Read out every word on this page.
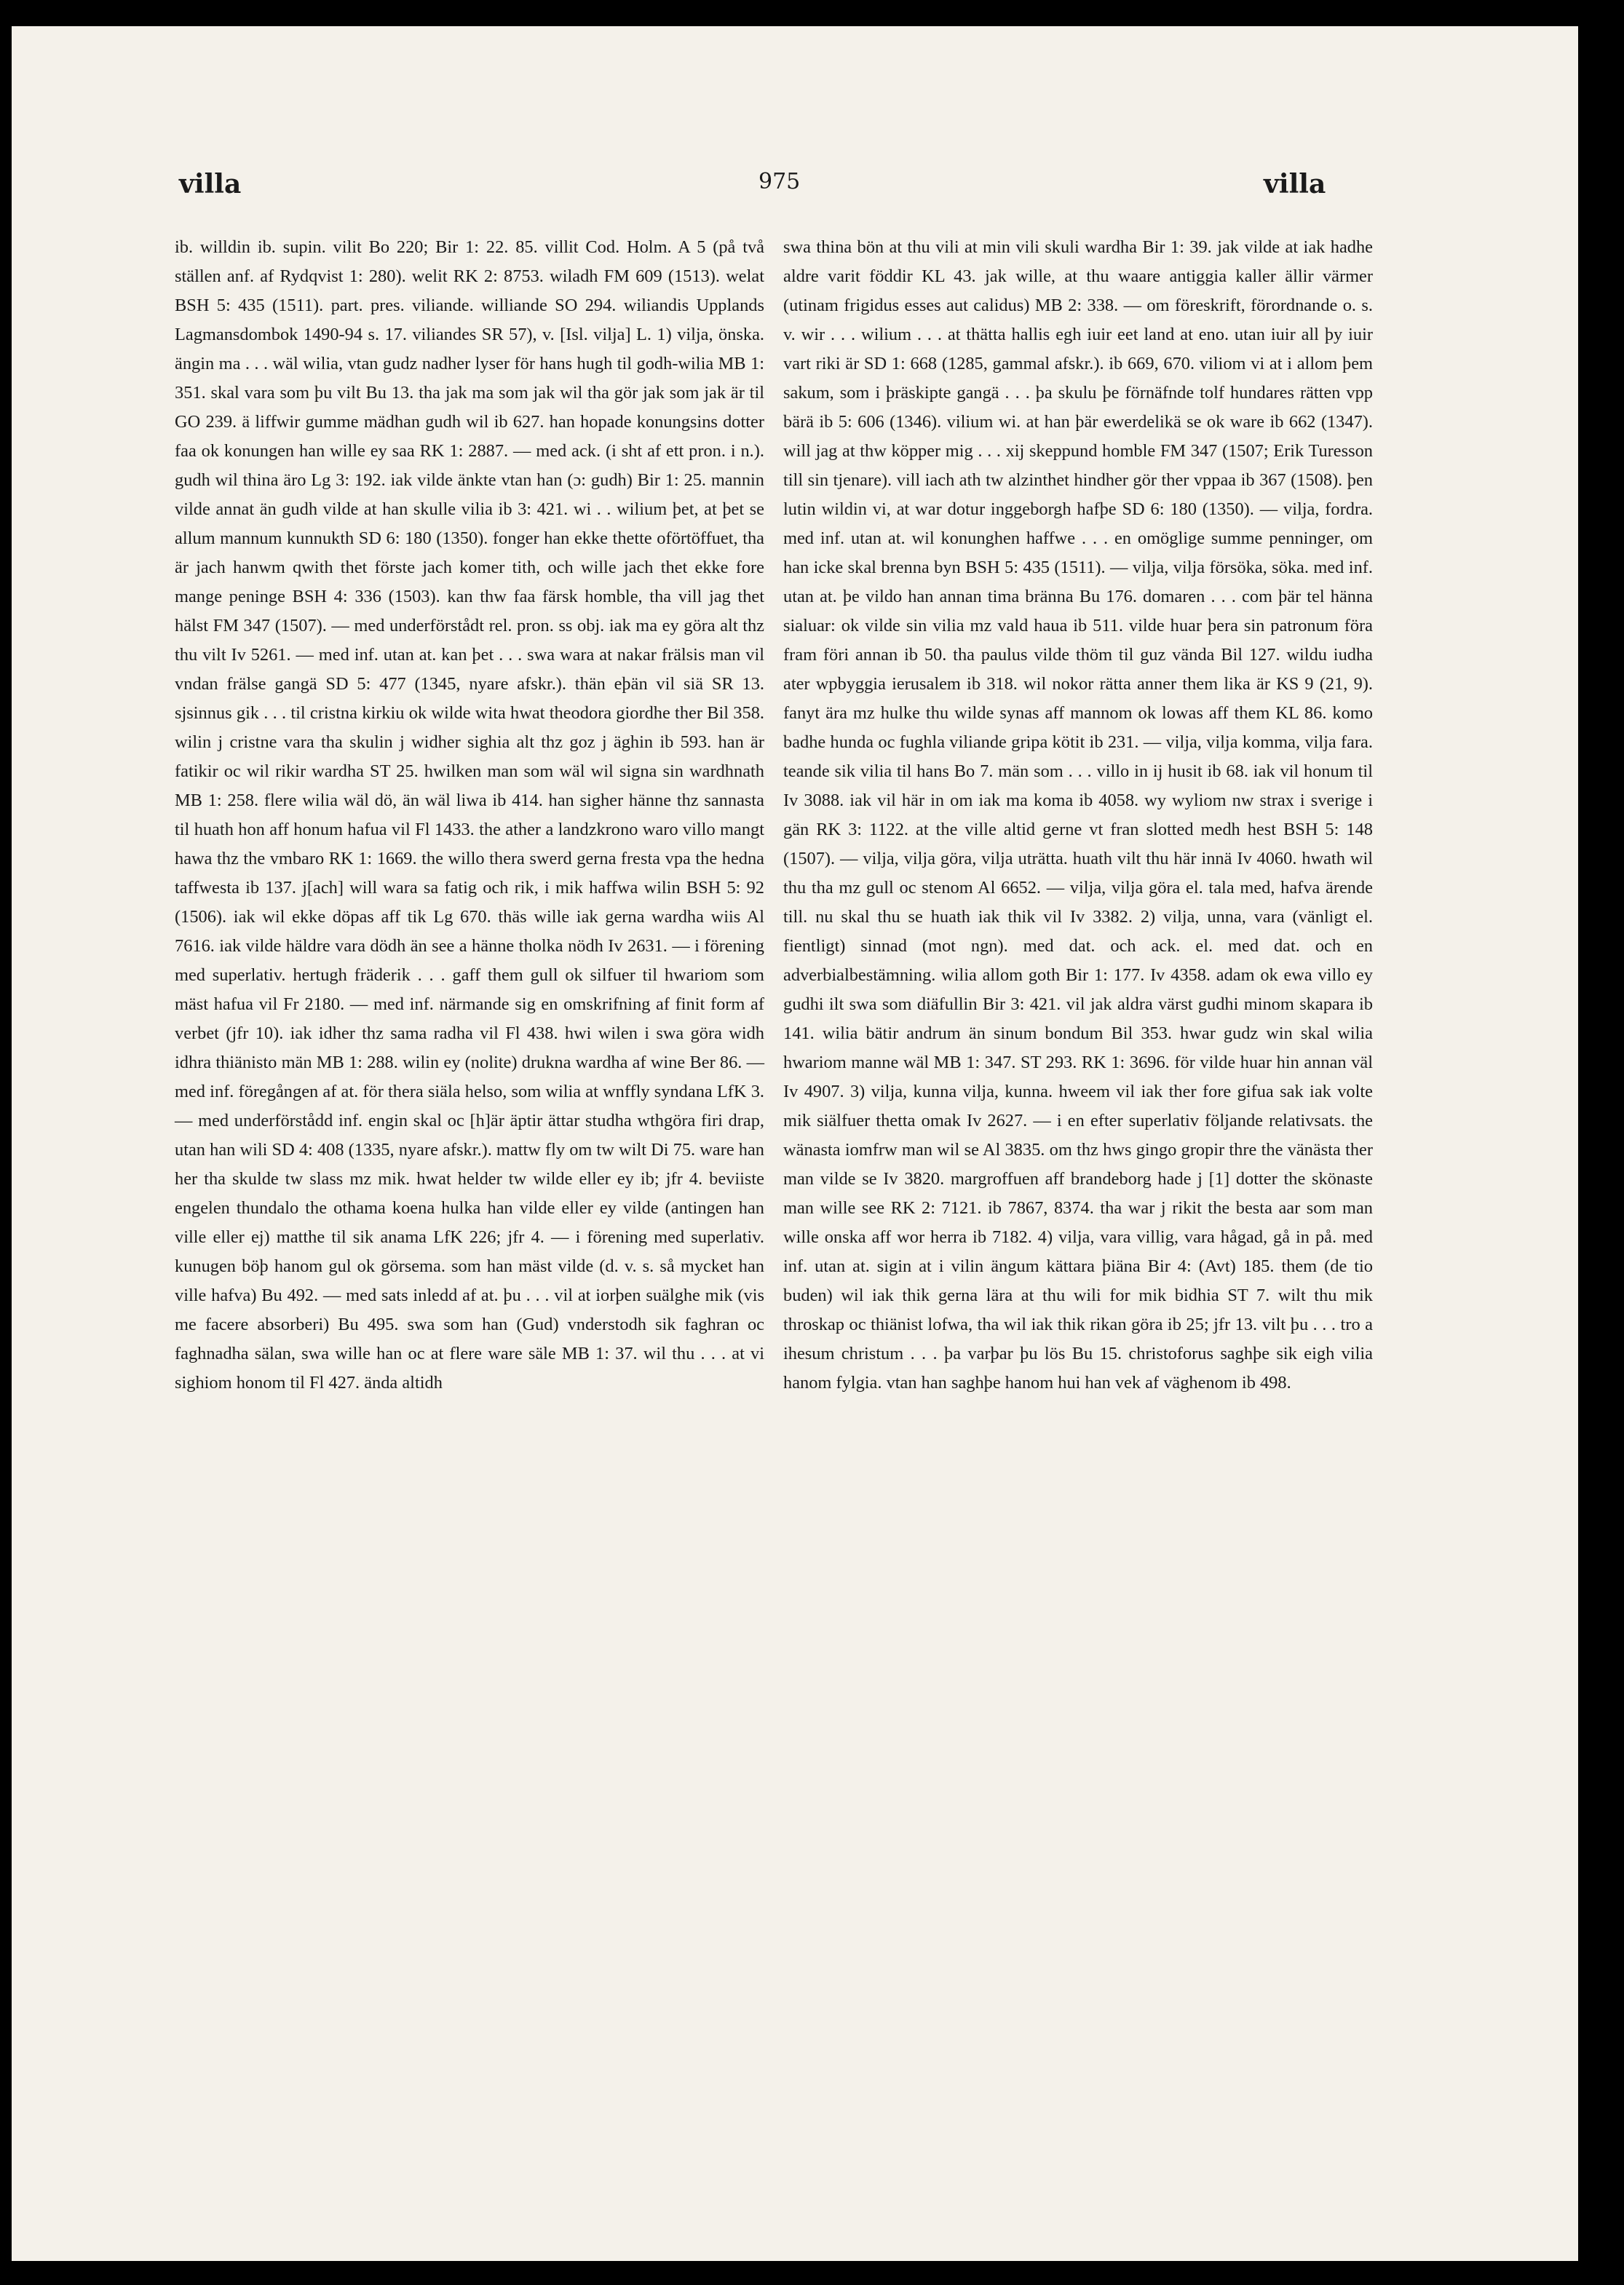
villa	975	villa

ib. willdin ib. supin. vilit Bo 220; Bir 1: 22. 85. villit Cod. Holm. A 5 (på två ställen anf. af Rydqvist 1: 280). welit RK 2: 8753. wiladh FM 609 (1513). welat BSH 5: 435 (1511). part. pres. viliande. williande SO 294. wiliandis Upplands Lagmansdombok 1490-94 s. 17. viliandes SR 57), v. [Isl. vilja] L. 1) vilja, önska. ängin ma . . . wäl wilia, vtan gudz nadher lyser för hans hugh til godh-wilia MB 1: 351. skal vara som þu vilt Bu 13. tha jak ma som jak wil tha gör jak som jak är til GO 239. ä liffwir gumme mädhan gudh wil ib 627. han hopade konungsins dotter faa ok konungen han wille ey saa RK 1: 2887. — med ack. (i sht af ett pron. i n.). gudh wil thina äro Lg 3: 192. iak vilde änkte vtan han (ɔ: gudh) Bir 1: 25. mannin vilde annat än gudh vilde at han skulle vilia ib 3: 421. wi . . wilium þet, at þet se allum mannum kunnukth SD 6: 180 (1350). fonger han ekke thette oförtöffuet, tha är jach hanwm qwith thet förste jach komer tith, och wille jach thet ekke fore mange peninge BSH 4: 336 (1503). kan thw faa färsk homble, tha vill jag thet hälst FM 347 (1507). — med underförstådt rel. pron. ss obj. iak ma ey göra alt thz thu vilt Iv 5261. — med inf. utan at. kan þet . . . swa wara at nakar frälsis man vil vndan frälse gangä SD 5: 477 (1345, nyare afskr.). thän eþän vil siä SR 13. sjsinnus gik . . . til cristna kirkiu ok wilde wita hwat theodora giordhe ther Bil 358. wilin j cristne vara tha skulin j widher sighia alt thz goz j äghin ib 593. han är fatikir oc wil rikir wardha ST 25. hwilken man som wäl wil signa sin wardhnath MB 1: 258. flere wilia wäl dö, än wäl liwa ib 414. han sigher hänne thz sannasta til huath hon aff honum hafua vil Fl 1433. the ather a landzkrono waro villo mangt hawa thz the vmbaro RK 1: 1669. the willo thera swerd gerna fresta vpa the hedna taffwesta ib 137. j[ach] will wara sa fatig och rik, i mik haffwa wilin BSH 5: 92 (1506). iak wil ekke döpas aff tik Lg 670. thäs wille iak gerna wardha wiis Al 7616. iak vilde häldre vara dödh än see a hänne tholka nödh Iv 2631. — i förening med superlativ. hertugh fräderik . . . gaff them gull ok silfuer til hwariom som mäst hafua vil Fr 2180. — med inf. närmande sig en omskrifning af finit form af verbet (jfr 10). iak idher thz sama radha vil Fl 438. hwi wilen i swa göra widh idhra thiänisto män MB 1: 288. wilin ey (nolite) drukna wardha af wine Ber 86. — med inf. föregången af at. för thera siäla helso, som wilia at wnffly syndana LfK 3. — med underförstådd inf. engin skal oc [h]är äptir ättar studha wthgöra firi drap, utan han wili SD 4: 408 (1335, nyare afskr.). mattw fly om tw wilt Di 75. ware han her tha skulde tw slass mz mik. hwat helder tw wilde eller ey ib; jfr 4. beviiste engelen thundalo the othama koena hulka han vilde eller ey vilde (antingen han ville eller ej) matthe til sik anama LfK 226; jfr 4. — i förening med superlativ. kunugen böþ hanom gul ok görsema. som han mäst vilde (d. v. s. så mycket han ville hafva) Bu 492. — med sats inledd af at. þu . . . vil at iorþen suälghe mik (vis me facere absorberi) Bu 495. swa som han (Gud) vnderstodh sik faghran oc faghnadha sälan, swa wille han oc at flere ware säle MB 1: 37. wil thu . . . at vi sighiom honom til Fl 427. ända altidh

swa thina bön at thu vili at min vili skuli wardha Bir 1: 39. jak vilde at iak hadhe aldre varit föddir KL 43. jak wille, at thu waare antiggia kaller ällir värmer (utinam frigidus esses aut calidus) MB 2: 338. — om föreskrift, förordnande o. s. v. wir . . . wilium . . . at thätta hallis egh iuir eet land at eno. utan iuir all þy iuir vart riki är SD 1: 668 (1285, gammal afskr.). ib 669, 670. viliom vi at i allom þem sakum, som i þräskipte gangä . . . þa skulu þe förnäfnde tolf hundares rätten vpp bärä ib 5: 606 (1346). vilium wi. at han þär ewerdelikä se ok ware ib 662 (1347). will jag at thw köpper mig . . . xij skeppund homble FM 347 (1507; Erik Turesson till sin tjenare). vill iach ath tw alzinthet hindher gör ther vppaa ib 367 (1508). þen lutin wildin vi, at war dotur inggeborgh hafþe SD 6: 180 (1350). — vilja, fordra. med inf. utan at. wil konunghen haffwe . . . en omöglige summe penninger, om han icke skal brenna byn BSH 5: 435 (1511). — vilja, vilja försöka, söka. med inf. utan at. þe vildo han annan tima bränna Bu 176. domaren . . . com þär tel hänna sialuar: ok vilde sin vilia mz vald haua ib 511. vilde huar þera sin patronum föra fram föri annan ib 50. tha paulus vilde thöm til guz vända Bil 127. wildu iudha ater wpbyggia ierusalem ib 318. wil nokor rätta anner them lika är KS 9 (21, 9). fanyt ära mz hulke thu wilde synas aff mannom ok lowas aff them KL 86. komo badhe hunda oc fughla viliande gripa kötit ib 231. — vilja, vilja komma, vilja fara. teande sik vilia til hans Bo 7. män som . . . villo in ij husit ib 68. iak vil honum til Iv 3088. iak vil här in om iak ma koma ib 4058. wy wyliom nw strax i sverige i gän RK 3: 1122. at the ville altid gerne vt fran slotted medh hest BSH 5: 148 (1507). — vilja, vilja göra, vilja uträtta. huath vilt thu här innä Iv 4060. hwath wil thu tha mz gull oc stenom Al 6652. — vilja, vilja göra el. tala med, hafva ärende till. nu skal thu se huath iak thik vil Iv 3382. 2) vilja, unna, vara (vänligt el. fientligt) sinnad (mot ngn). med dat. och ack. el. med dat. och en adverbialbestämning. wilia allom goth Bir 1: 177. Iv 4358. adam ok ewa villo ey gudhi ilt swa som diäfullin Bir 3: 421. vil jak aldra värst gudhi minom skapara ib 141. wilia bätir andrum än sinum bondum Bil 353. hwar gudz win skal wilia hwariom manne wäl MB 1: 347. ST 293. RK 1: 3696. för vilde huar hin annan väl Iv 4907. 3) vilja, kunna vilja, kunna. hweem vil iak ther fore gifua sak iak volte mik siälfuer thetta omak Iv 2627. — i en efter superlativ följande relativsats. the wänasta iomfrw man wil se Al 3835. om thz hws gingo gropir thre the vänästa ther man vilde se Iv 3820. margroffuen aff brandeborg hade j [1] dotter the skönaste man wille see RK 2: 7121. ib 7867, 8374. tha war j rikit the besta aar som man wille onska aff wor herra ib 7182. 4) vilja, vara villig, vara hågad, gå in på. med inf. utan at. sigin at i vilin ängum kättara þiäna Bir 4: (Avt) 185. them (de tio buden) wil iak thik gerna lära at thu wili for mik bidhia ST 7. wilt thu mik throskap oc thiänist lofwa, tha wil iak thik rikan göra ib 25; jfr 13. vilt þu . . . tro a ihesum christum . . . þa varþar þu lös Bu 15. christoforus saghþe sik eigh vilia hanom fylgia. vtan han saghþe hanom hui han vek af väghenom ib 498.
